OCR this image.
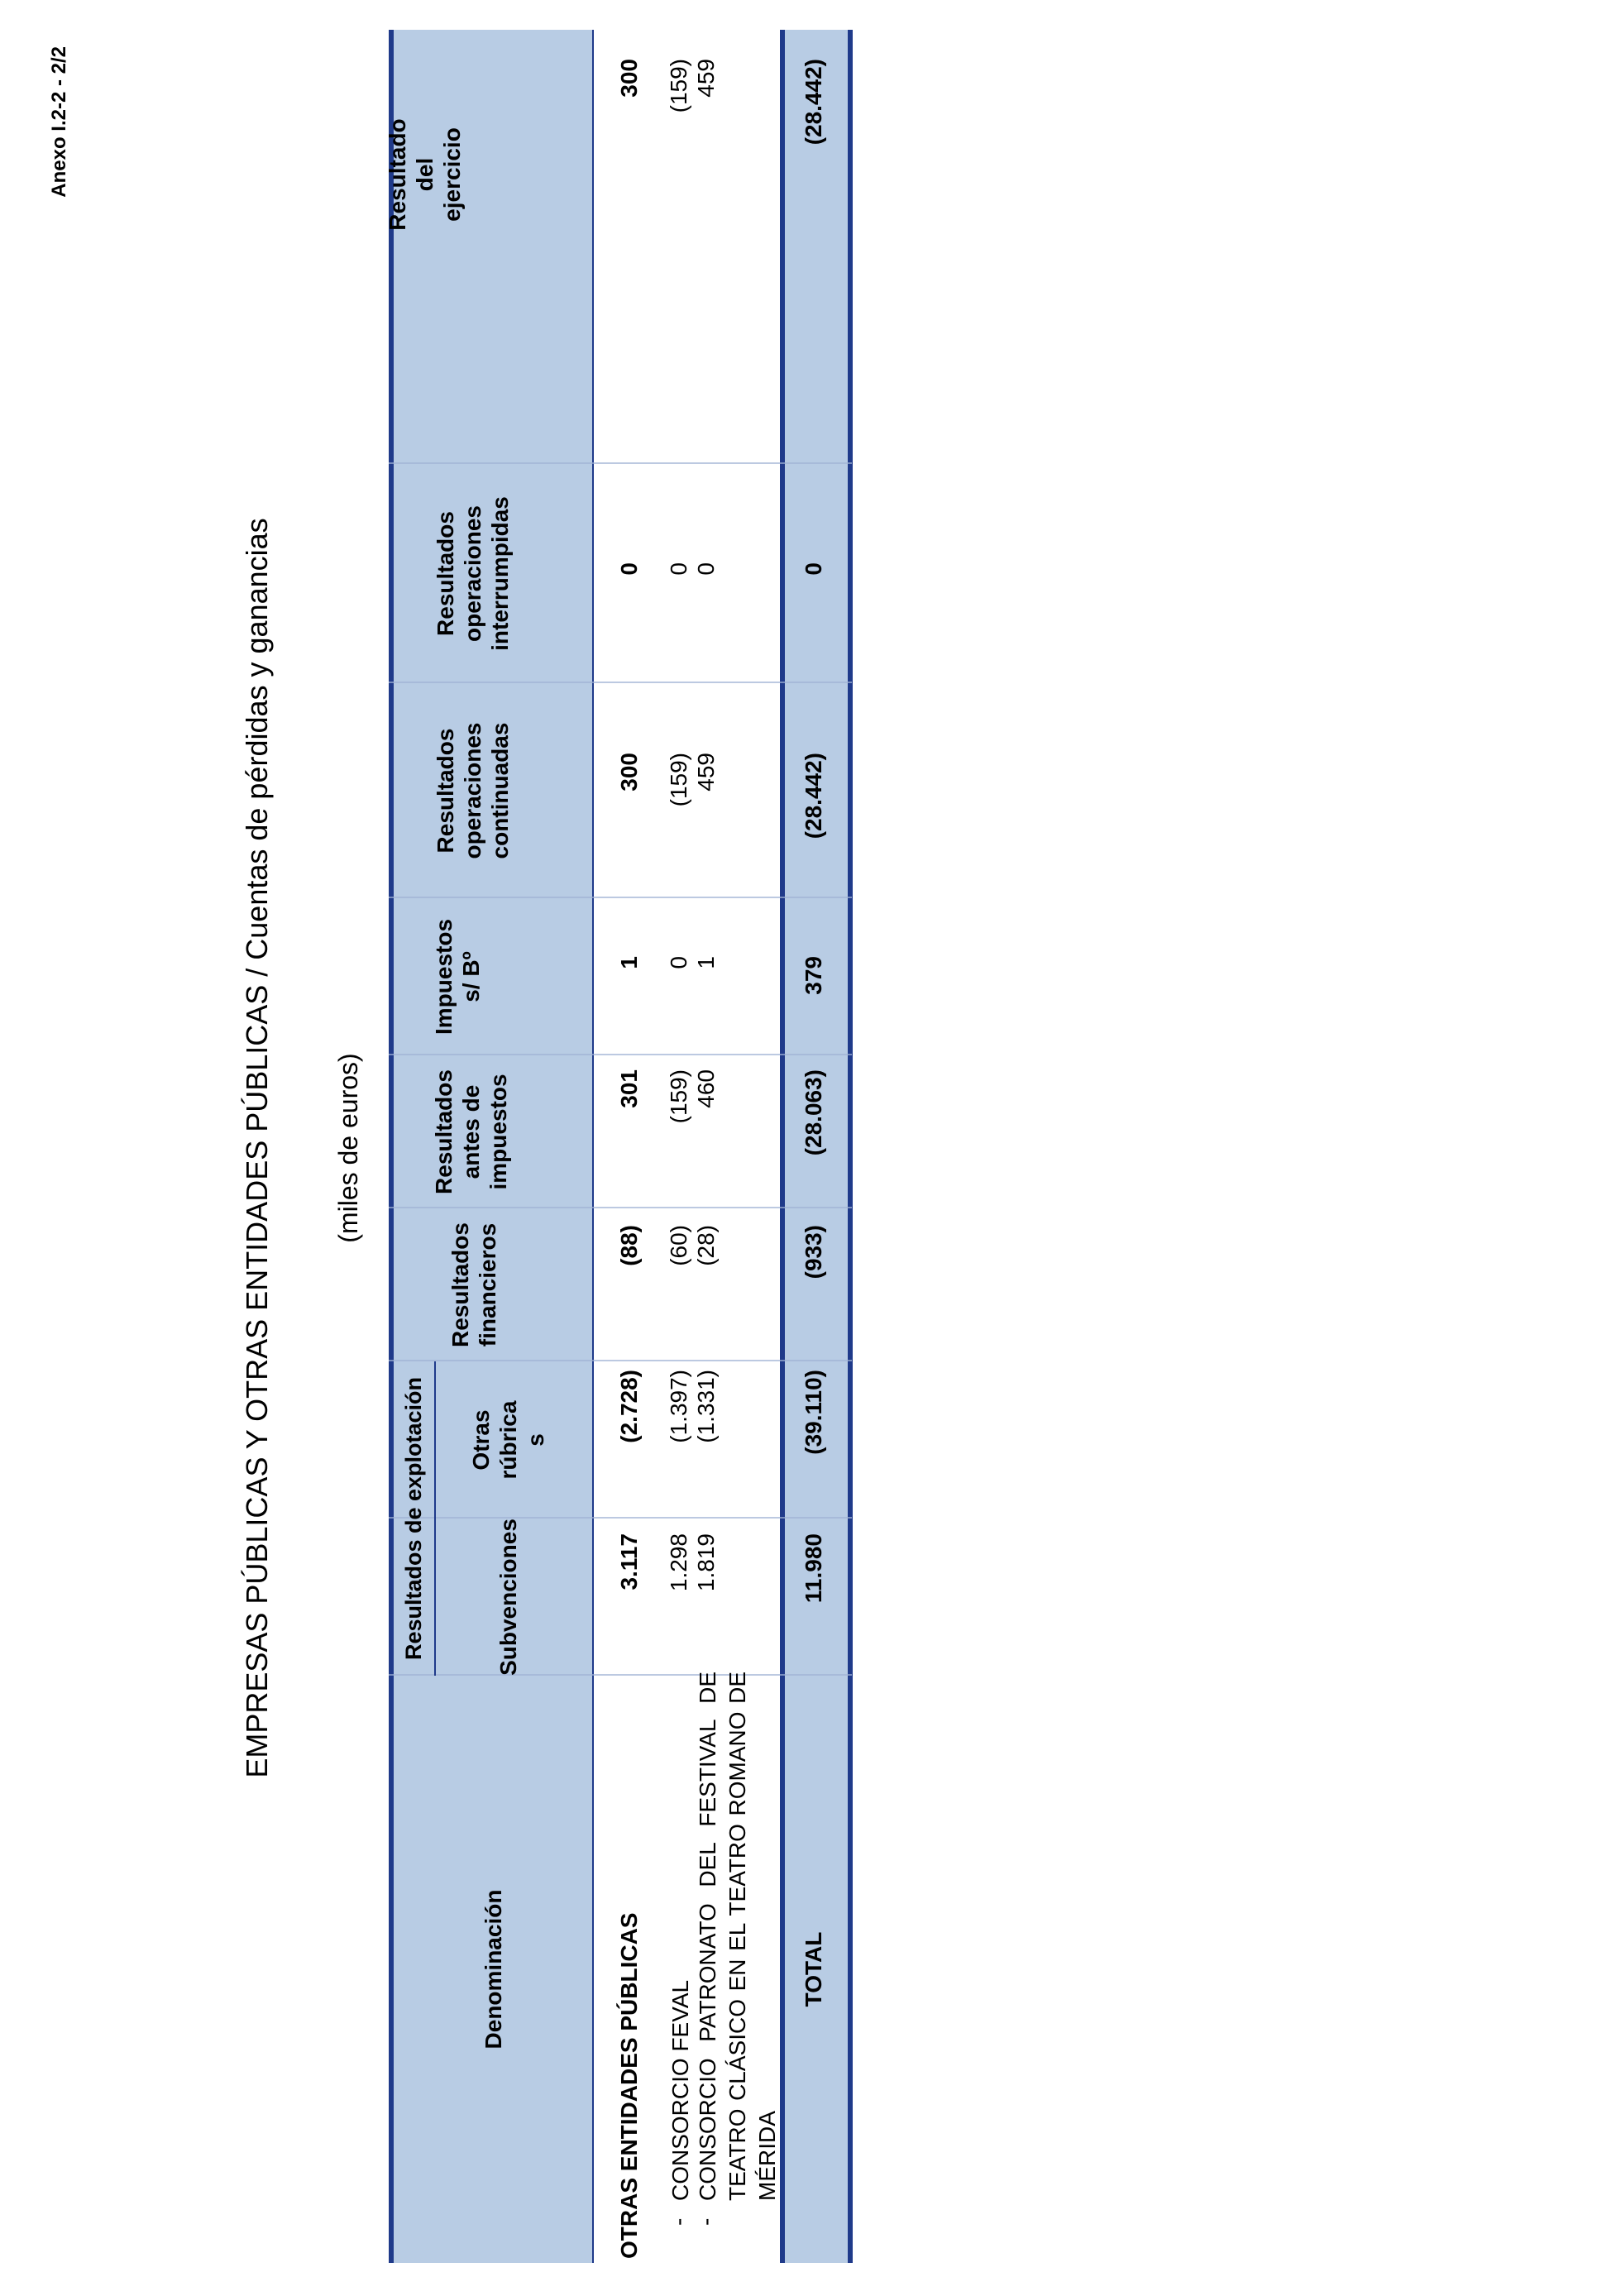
Anexo I.2-2 - 2/2
EMPRESAS PÚBLICAS Y OTRAS ENTIDADES PÚBLICAS / Cuentas de pérdidas y ganancias (miles de euros)
Resultados de explotación
Denominación
Subvenciones
Otras rúbrica s
Resultados financieros
Resultados antes de impuestos
Impuestos s/ Bº
Resultados operaciones continuadas
Resultados operaciones interrumpidas
Resultado del ejercicio
OTRAS ENTIDADES PÚBLICAS
3.117
(2.728)
(88)
301
1
300
0
300
-
CONSORCIO FEVAL
1.298
(1.397)
(60)
(159)
0
(159)
0
(159)
-
CONSORCIO PATRONATO DEL FESTIVAL DE TEATRO CLÁSICO EN EL TEATRO ROMANO DE MÉRIDA
1.819
(1.331)
(28)
460
1
459
0
459
TOTAL
11.980
(39.110)
(933)
(28.063)
379
(28.442)
0
(28.442)
